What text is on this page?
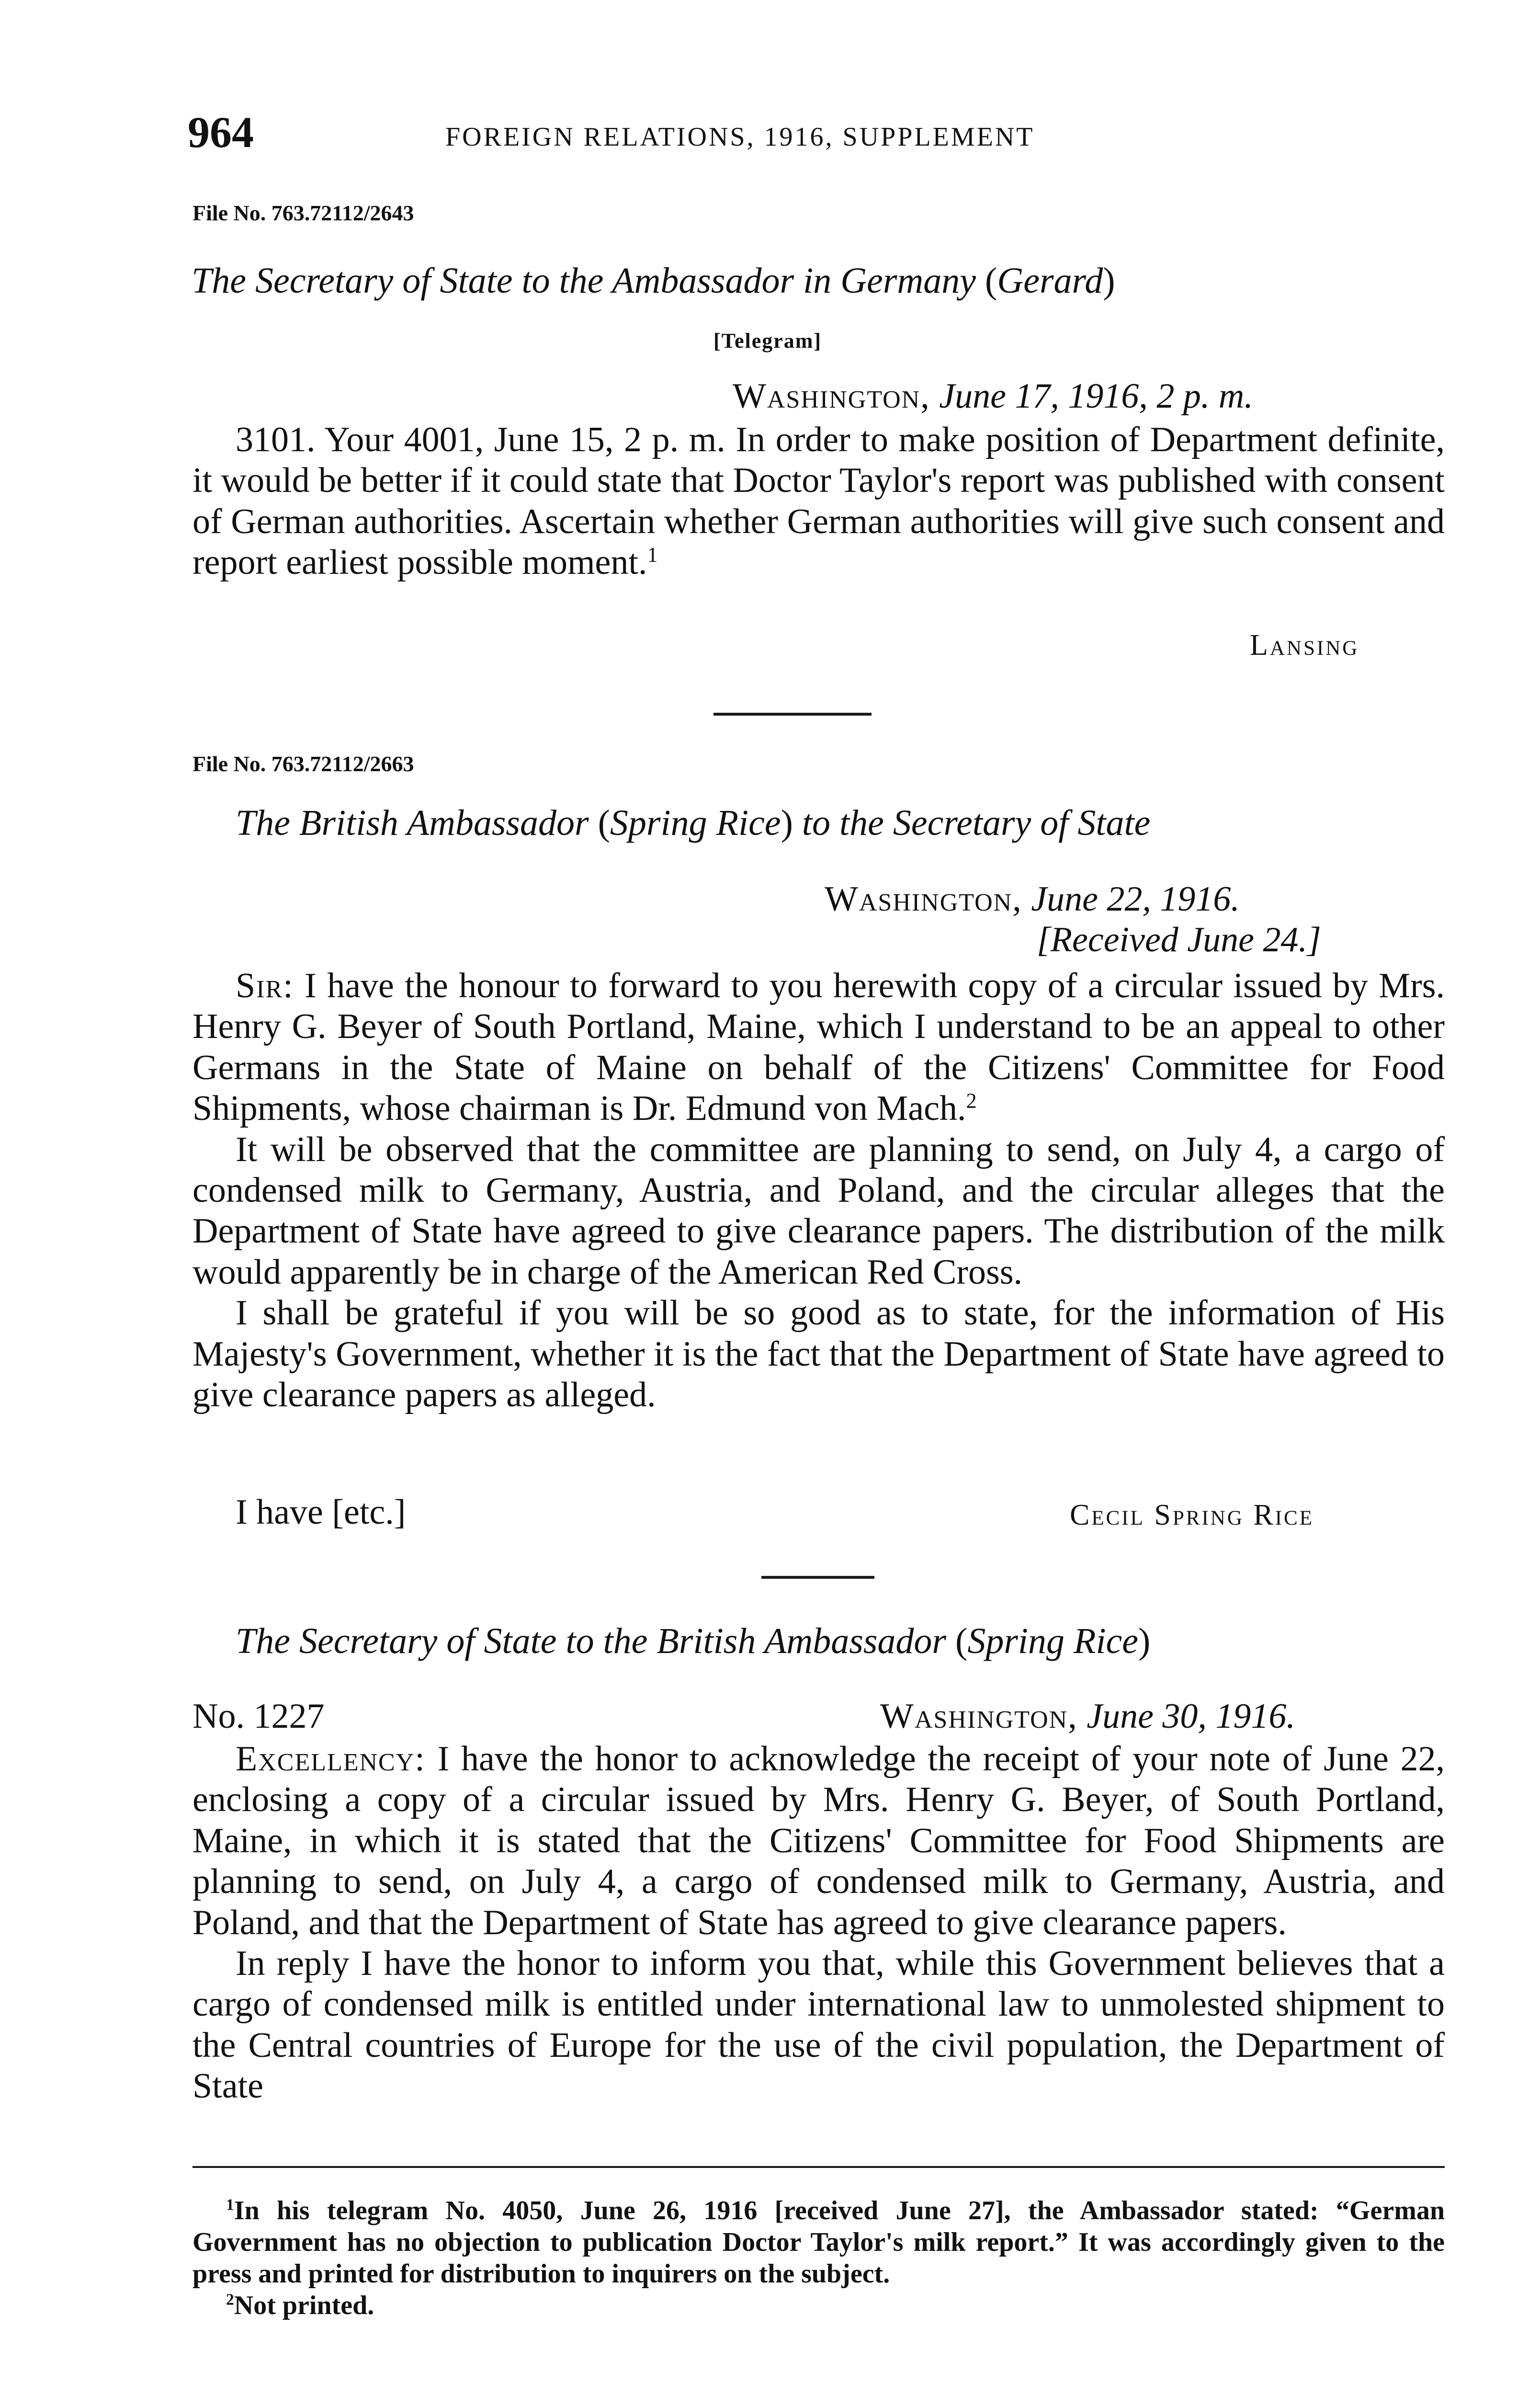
964	FOREIGN RELATIONS, 1916, SUPPLEMENT
File No. 763.72112/2643
The Secretary of State to the Ambassador in Germany (Gerard)
[Telegram]
Washington, June 17, 1916, 2 p. m.

3101. Your 4001, June 15, 2 p. m. In order to make position of Department definite, it would be better if it could state that Doctor Taylor's report was published with consent of German authorities. Ascertain whether German authorities will give such consent and report earliest possible moment.$^1$

Lansing
File No. 763.72112/2663
The British Ambassador (Spring Rice) to the Secretary of State
Washington, June 22, 1916.
[Received June 24.]

Sir: I have the honour to forward to you herewith copy of a circular issued by Mrs. Henry G. Beyer of South Portland, Maine, which I understand to be an appeal to other Germans in the State of Maine on behalf of the Citizens' Committee for Food Shipments, whose chairman is Dr. Edmund von Mach.$^2$

It will be observed that the committee are planning to send, on July 4, a cargo of condensed milk to Germany, Austria, and Poland, and the circular alleges that the Department of State have agreed to give clearance papers. The distribution of the milk would apparently be in charge of the American Red Cross.

I shall be grateful if you will be so good as to state, for the information of His Majesty's Government, whether it is the fact that the Department of State have agreed to give clearance papers as alleged.

I have [etc.]	Cecil Spring Rice
The Secretary of State to the British Ambassador (Spring Rice)
No. 1227	Washington, June 30, 1916.

Excellency: I have the honor to acknowledge the receipt of your note of June 22, enclosing a copy of a circular issued by Mrs. Henry G. Beyer, of South Portland, Maine, in which it is stated that the Citizens' Committee for Food Shipments are planning to send, on July 4, a cargo of condensed milk to Germany, Austria, and Poland, and that the Department of State has agreed to give clearance papers.

In reply I have the honor to inform you that, while this Government believes that a cargo of condensed milk is entitled under international law to unmolested shipment to the Central countries of Europe for the use of the civil population, the Department of State

$^1$In his telegram No. 4050, June 26, 1916 [received June 27], the Ambassador stated: “German Government has no objection to publication Doctor Taylor's milk report.” It was accordingly given to the press and printed for distribution to inquirers on the subject.

$^2$Not printed.
